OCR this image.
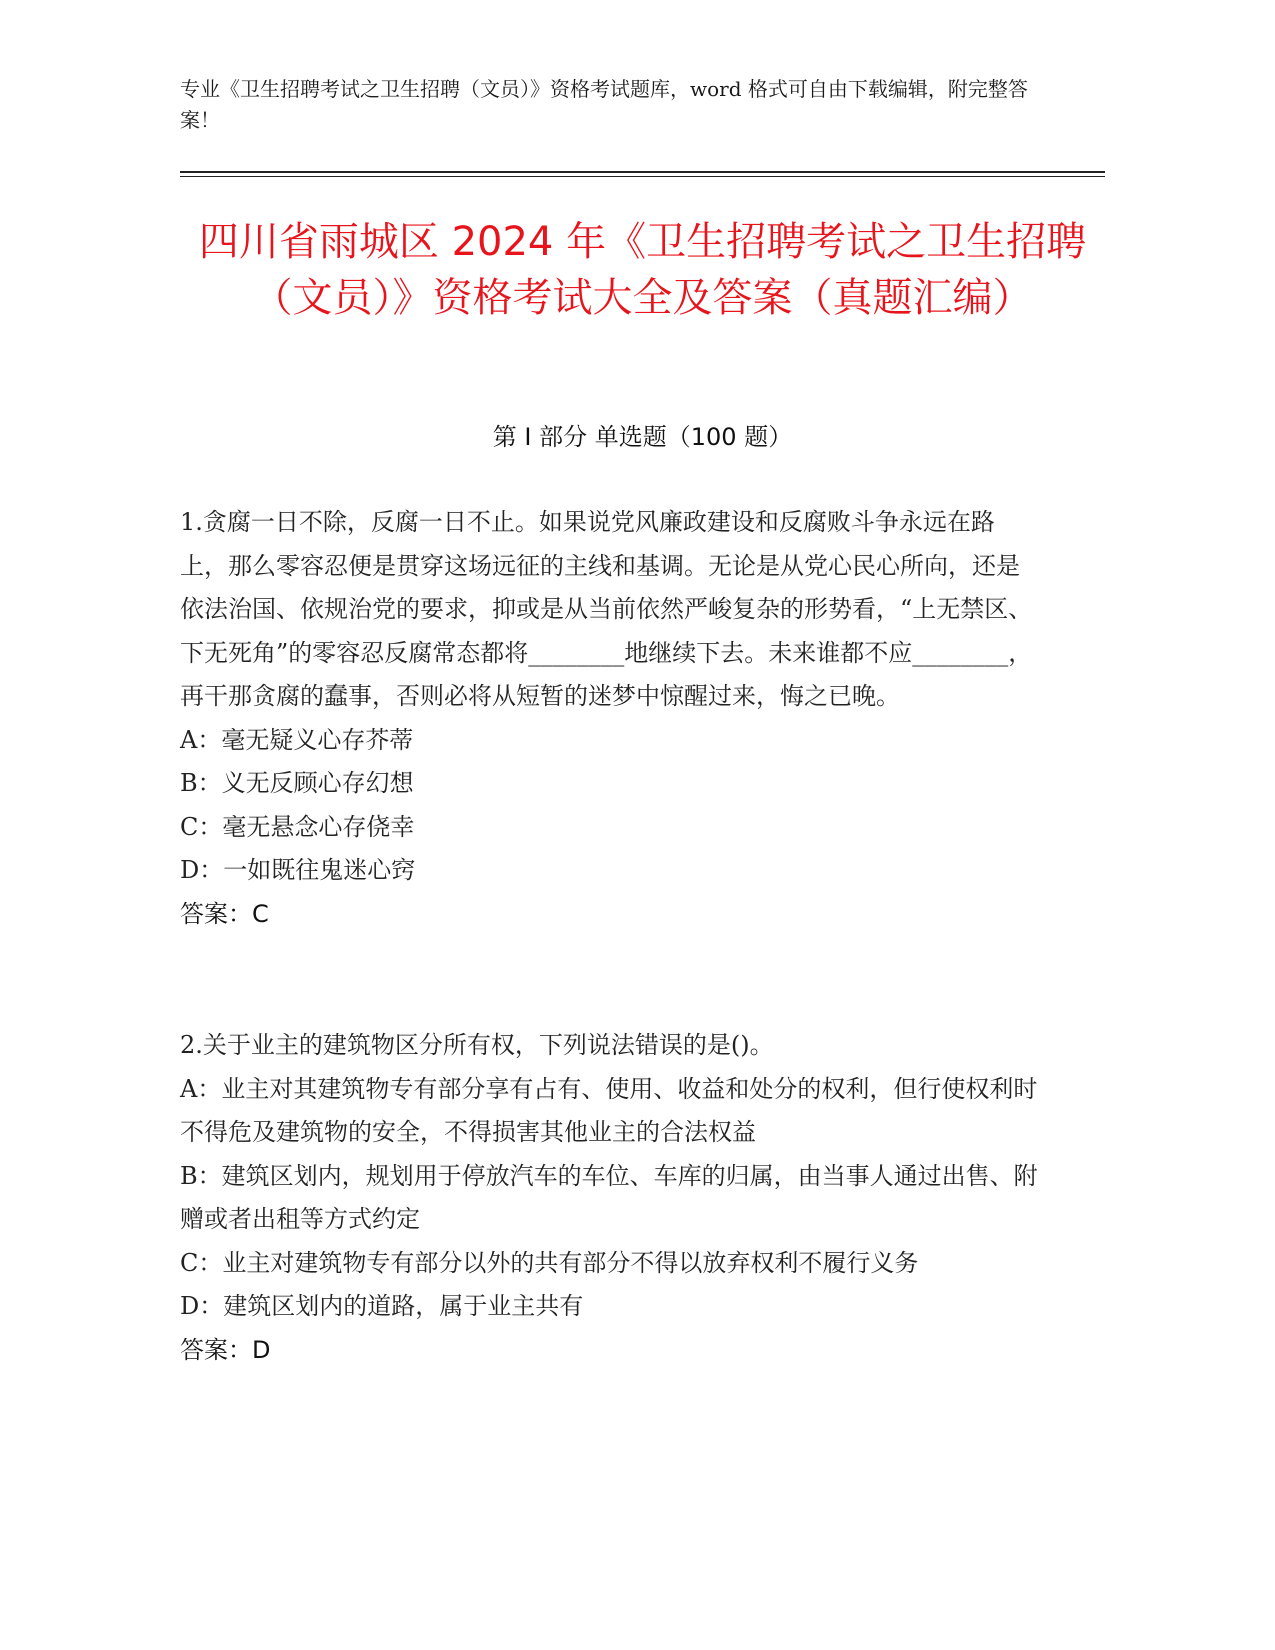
专业《卫生招聘考试之卫生招聘（文员）》资格考试题库，word 格式可自由下载编辑，附完整答案！
四川省雨城区 2024 年《卫生招聘考试之卫生招聘（文员）》资格考试大全及答案（真题汇编）
第 I 部分 单选题（100 题）

1.贪腐一日不除，反腐一日不止。如果说党风廉政建设和反腐败斗争永远在路上，那么零容忍便是贯穿这场远征的主线和基调。无论是从党心民心所向，还是依法治国、依规治党的要求，抑或是从当前依然严峻复杂的形势看，“上无禁区、下无死角”的零容忍反腐常态都将________地继续下去。未来谁都不应________，再干那贪腐的蠢事，否则必将从短暂的迷梦中惊醒过来，悔之已晚。

A：毫无疑义心存芥蒂

B：义无反顾心存幻想

C：毫无悬念心存侥幸

D：一如既往鬼迷心窍

答案：C

2.关于业主的建筑物区分所有权，下列说法错误的是()。

A：业主对其建筑物专有部分享有占有、使用、收益和处分的权利，但行使权利时不得危及建筑物的安全，不得损害其他业主的合法权益

B：建筑区划内，规划用于停放汽车的车位、车库的归属，由当事人通过出售、附赠或者出租等方式约定

C：业主对建筑物专有部分以外的共有部分不得以放弃权利不履行义务

D：建筑区划内的道路，属于业主共有

答案：D
